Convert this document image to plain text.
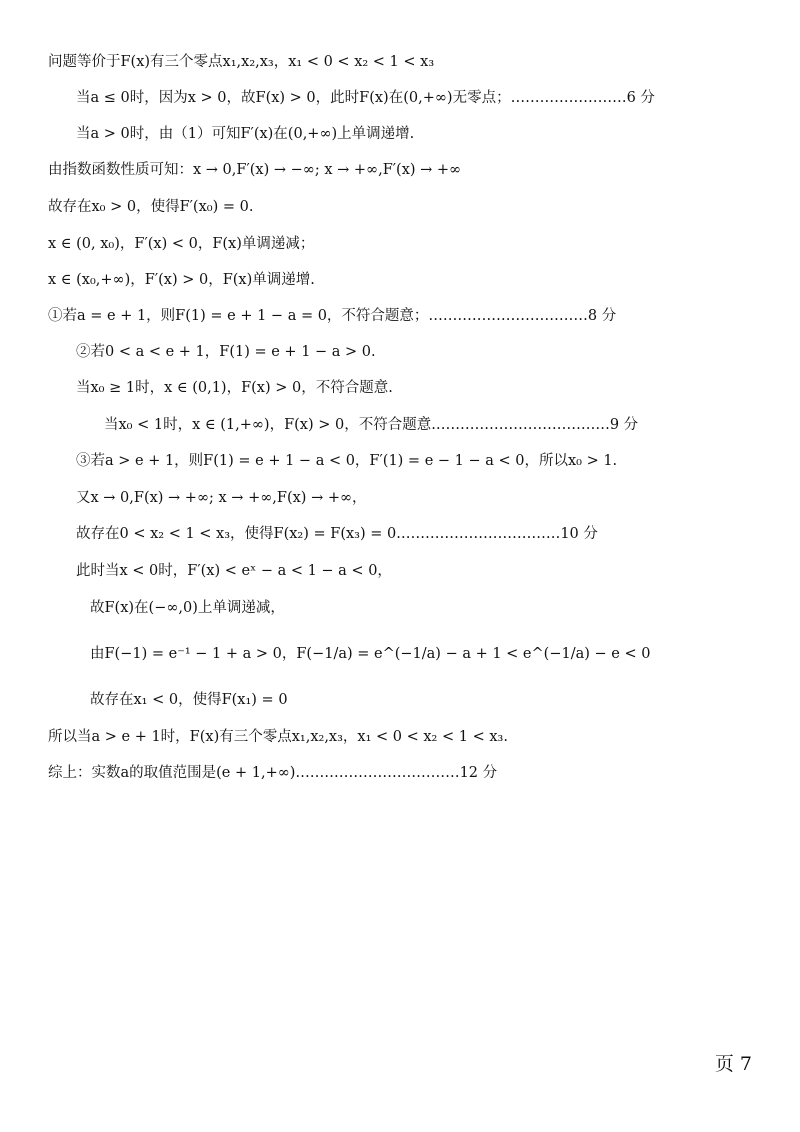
问题等价于F(x)有三个零点x₁,x₂,x₃，x₁ < 0 < x₂ < 1 < x₃
当a ≤ 0时，因为x > 0，故F(x) > 0，此时F(x)在(0,+∞)无零点；……………………6 分
当a > 0时，由（1）可知F′(x)在(0,+∞)上单调递增.
由指数函数性质可知：x → 0,F′(x) → −∞; x → +∞,F′(x) → +∞
故存在x₀ > 0，使得F′(x₀) = 0.
x ∈ (0, x₀)，F′(x) < 0，F(x)单调递减；
x ∈ (x₀,+∞)，F′(x) > 0，F(x)单调递增.
①若a = e + 1，则F(1) = e + 1 − a = 0，不符合题意；……………………………8 分
②若0 < a < e + 1，F(1) = e + 1 − a > 0.
当x₀ ≥ 1时，x ∈ (0,1)，F(x) > 0，不符合题意.
当x₀ < 1时，x ∈ (1,+∞)，F(x) > 0，不符合题意.………………………………9 分
③若a > e + 1，则F(1) = e + 1 − a < 0，F′(1) = e − 1 − a < 0，所以x₀ > 1.
又x → 0,F(x) → +∞; x → +∞,F(x) → +∞，
故存在0 < x₂ < 1 < x₃，使得F(x₂) = F(x₃) = 0.……………………………10 分
此时当x < 0时，F′(x) < eˣ − a < 1 − a < 0，
故F(x)在(−∞,0)上单调递减，
由F(−1) = e⁻¹ − 1 + a > 0，F(−1/a) = e^(−1/a) − a + 1 < e^(−1/a) − e < 0
故存在x₁ < 0，使得F(x₁) = 0
所以当a > e + 1时，F(x)有三个零点x₁,x₂,x₃，x₁ < 0 < x₂ < 1 < x₃.
综上：实数a的取值范围是(e + 1,+∞).……………………………12 分
页 7
